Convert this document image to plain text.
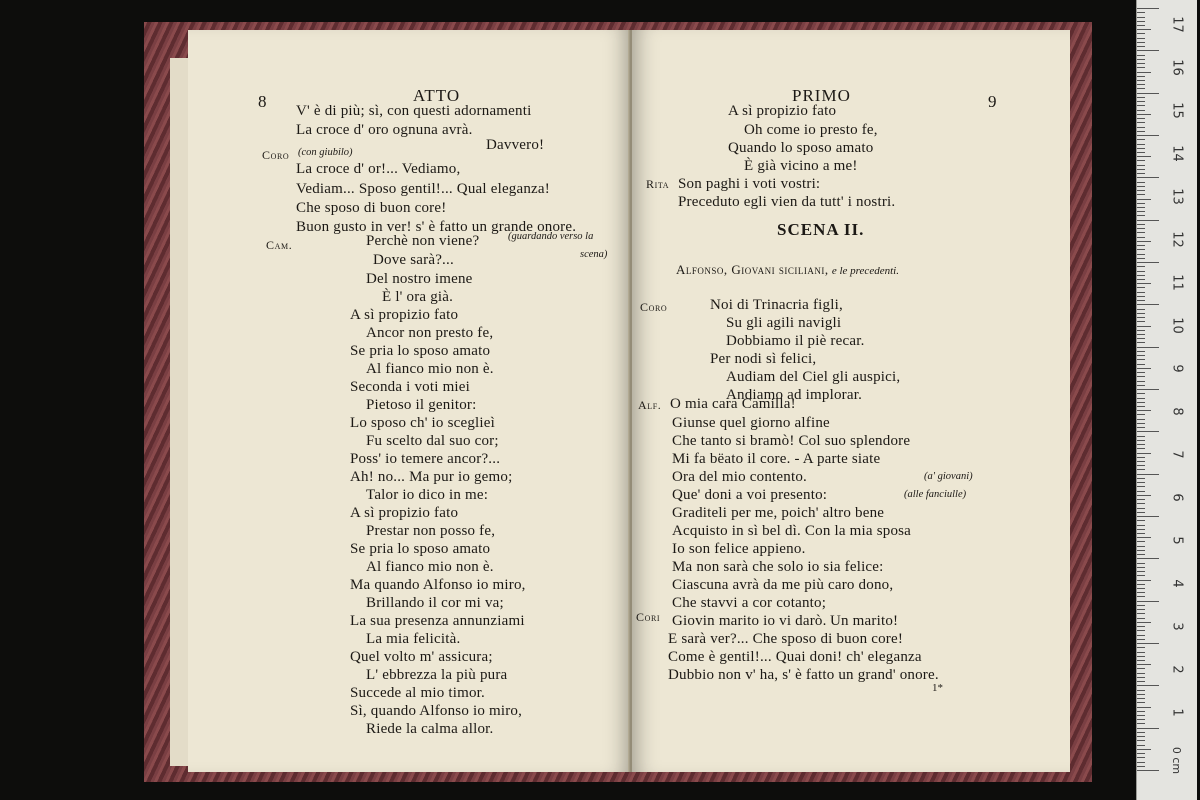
8	ATTO
V' è di più; sì, con questi adornamenti
La croce d' oro ognuna avrà.
Coro (con giubilo)	Davvero!
La croce d' or!... Vediamo,
Vediam... Sposo gentil!... Qual eleganza!
Che sposo di buon core!
Buon gusto in ver! s' è fatto un grande onore.
Cam.	Perchè non viene?	(guardando verso la
Dove sarà?...	scena)
Del nostro imene
È l' ora già.
A sì propizio fato
Ancor non presto fe,
Se pria lo sposo amato
Al fianco mio non è.
Seconda i voti miei
Pietoso il genitor:
Lo sposo ch' io sceglieì
Fu scelto dal suo cor;
Poss' io temere ancor?...
Ah! no... Ma pur io gemo;
Talor io dico in me:
A sì propizio fato
Prestar non posso fe,
Se pria lo sposo amato
Al fianco mio non è.
Ma quando Alfonso io miro,
Brillando il cor mi va;
La sua presenza annunziami
La mia felicità.
Quel volto m' assicura;
L' ebbrezza la più pura
Succede al mio timor.
Sì, quando Alfonso io miro,
Riede la calma allor.
PRIMO	9
A sì propizio fato
Oh come io presto fe,
Quando lo sposo amato
È già vicino a me!
Rita Son paghi i voti vostri:
Preceduto egli vien da tutt' i nostri.
SCENA II.
Alfonso, Giovani siciliani, e le precedenti.
Coro	Noi di Trinacria figli,
Su gli agili navigli
Dobbiamo il piè recar.
Per nodi sì felici,
Audiam del Ciel gli auspici,
Andiamo ad implorar.
Alf. O mia cara Camilla!
Giunse quel giorno alfine
Che tanto si bramò! Col suo splendore
Mi fa bëato il core. - A parte siate
Ora del mio contento.	(a' giovani)
Que' doni a voi presento:	(alle fanciulle)
Graditeli per me, poich' altro bene
Acquisto in sì bel dì. Con la mia sposa
Io son felice appieno.
Ma non sarà che solo io sia felice:
Ciascuna avrà da me più caro dono,
Che stavvi a cor cotanto;
Giovin marito io vi darò.
Cori	Un marito!
E sarà ver?... Che sposo di buon core!
Come è gentil!... Quai doni! ch' eleganza
Dubbio non v' ha, s' è fatto un grand' onore.
1*
17
16
15
14
13
12
11
10
9
8
7
6
5
4
3
2
1
0 cm
